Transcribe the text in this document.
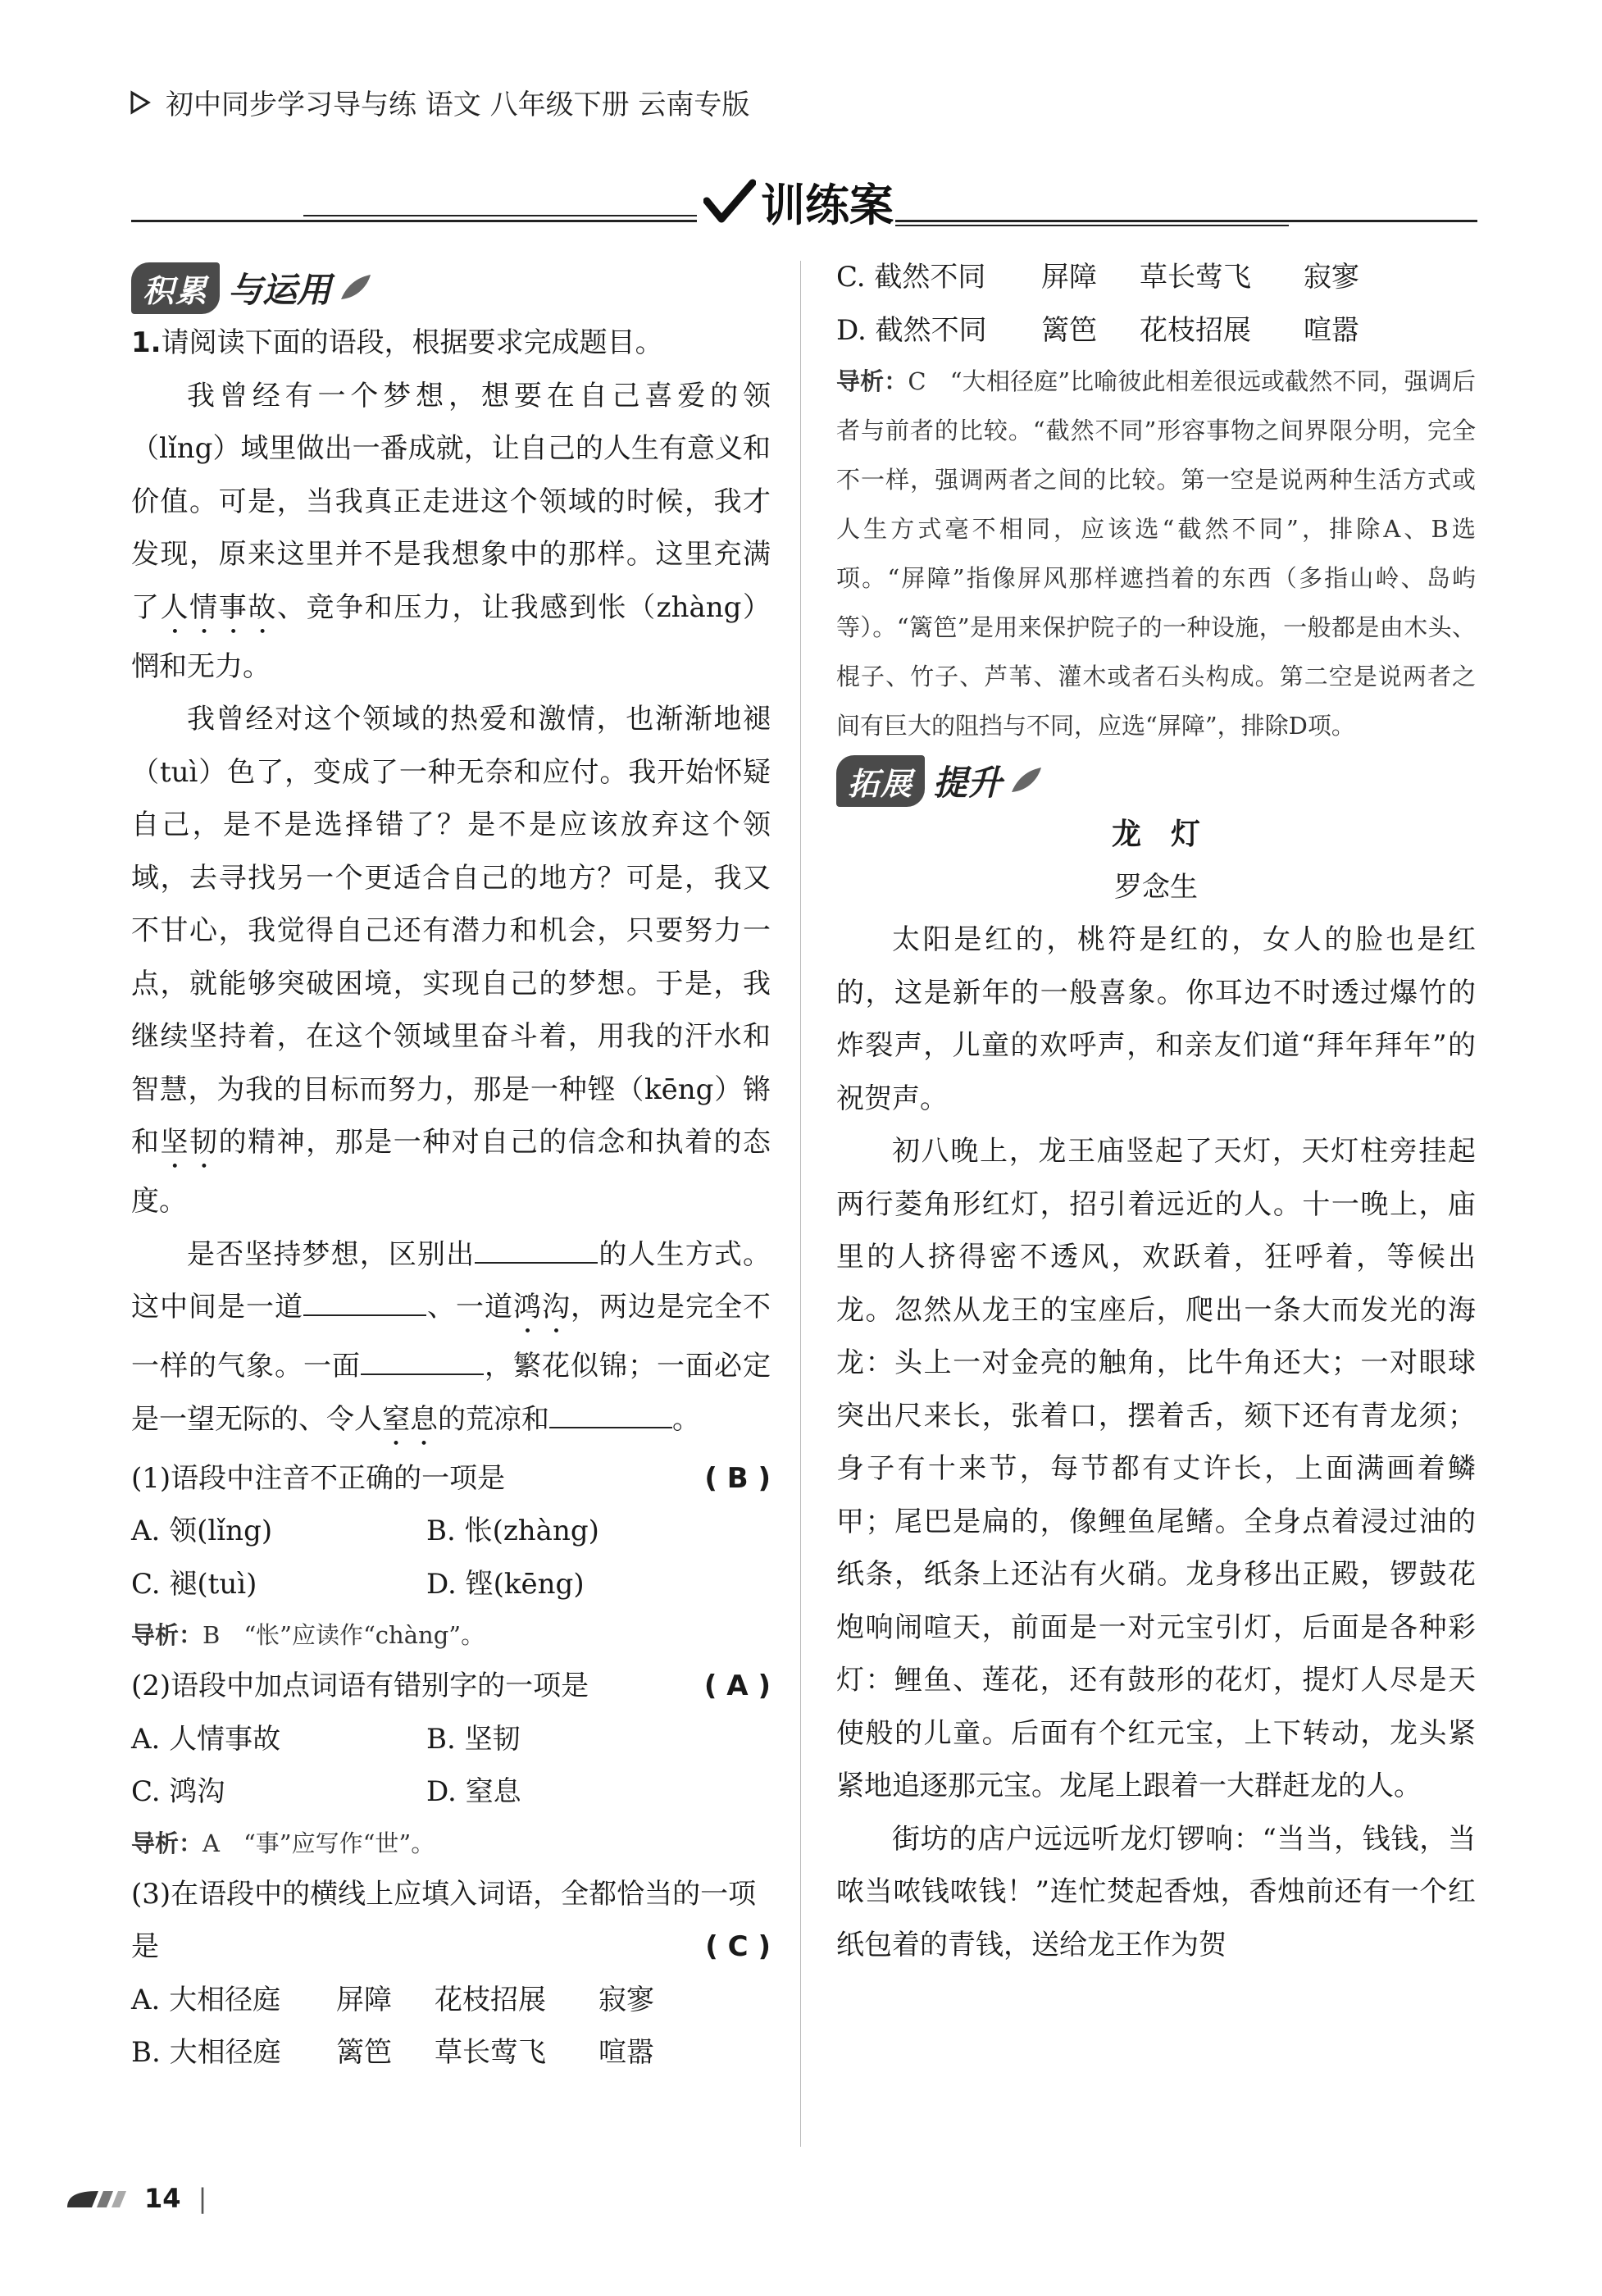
初中同步学习导与练 语文 八年级下册 云南专版
训练案
积累 与运用

1.请阅读下面的语段，根据要求完成题目。

我曾经有一个梦想，想要在自己喜爱的领（lǐng）域里做出一番成就，让自己的人生有意义和价值。可是，当我真正走进这个领域的时候，我才发现，原来这里并不是我想象中的那样。这里充满了人情事故、竞争和压力，让我感到怅（zhàng）惘和无力。

我曾经对这个领域的热爱和激情，也渐渐地褪（tuì）色了，变成了一种无奈和应付。我开始怀疑自己，是不是选择错了？是不是应该放弃这个领域，去寻找另一个更适合自己的地方？可是，我又不甘心，我觉得自己还有潜力和机会，只要努力一点，就能够突破困境，实现自己的梦想。于是，我继续坚持着，在这个领域里奋斗着，用我的汗水和智慧，为我的目标而努力，那是一种铿（kēng）锵和坚韧的精神，那是一种对自己的信念和执着的态度。

是否坚持梦想，区别出	的人生方式。这中间是一道	、一道鸿沟，两边是完全不一样的气象。一面	，繁花似锦；一面必定是一望无际的、令人窒息的荒凉和	。

(1)语段中注音不正确的一项是	( B )

A. 领(lǐng)	B. 怅(zhàng)
C. 褪(tuì)	D. 铿(kēng)

导析：B　“怅”应读作“chàng”。

(2)语段中加点词语有错别字的一项是	( A )

A. 人情事故	B. 坚韧
C. 鸿沟	D. 窒息

导析：A　“事”应写作“世”。

(3)在语段中的横线上应填入词语，全都恰当的一项是	( C )

A. 大相径庭	屏障	花枝招展	寂寥
B. 大相径庭	篱笆	草长莺飞	喧嚣
C. 截然不同	屏障	草长莺飞	寂寥
D. 截然不同	篱笆	花枝招展	喧嚣

导析：C　“大相径庭”比喻彼此相差很远或截然不同，强调后者与前者的比较。“截然不同”形容事物之间界限分明，完全不一样，强调两者之间的比较。第一空是说两种生活方式或人生方式毫不相同，应该选“截然不同”，排除A、B选项。“屏障”指像屏风那样遮挡着的东西（多指山岭、岛屿等）。“篱笆”是用来保护院子的一种设施，一般都是由木头、棍子、竹子、芦苇、灌木或者石头构成。第二空是说两者之间有巨大的阻挡与不同，应选“屏障”，排除D项。

拓展 提升

龙　灯

罗念生

太阳是红的，桃符是红的，女人的脸也是红的，这是新年的一般喜象。你耳边不时透过爆竹的炸裂声，儿童的欢呼声，和亲友们道“拜年拜年”的祝贺声。

初八晚上，龙王庙竖起了天灯，天灯柱旁挂起两行菱角形红灯，招引着远近的人。十一晚上，庙里的人挤得密不透风，欢跃着，狂呼着，等候出龙。忽然从龙王的宝座后，爬出一条大而发光的海龙：头上一对金亮的触角，比牛角还大；一对眼球突出尺来长，张着口，摆着舌，颏下还有青龙须；身子有十来节，每节都有丈许长，上面满画着鳞甲；尾巴是扁的，像鲤鱼尾鳍。全身点着浸过油的纸条，纸条上还沾有火硝。龙身移出正殿，锣鼓花炮响闹喧天，前面是一对元宝引灯，后面是各种彩灯：鲤鱼、莲花，还有鼓形的花灯，提灯人尽是天使般的儿童。后面有个红元宝，上下转动，龙头紧紧地追逐那元宝。龙尾上跟着一大群赶龙的人。

街坊的店户远远听龙灯锣响：“当当，钱钱，当哝当哝钱哝钱！”连忙焚起香烛，香烛前还有一个红纸包着的青钱，送给龙王作为贺

14 |
